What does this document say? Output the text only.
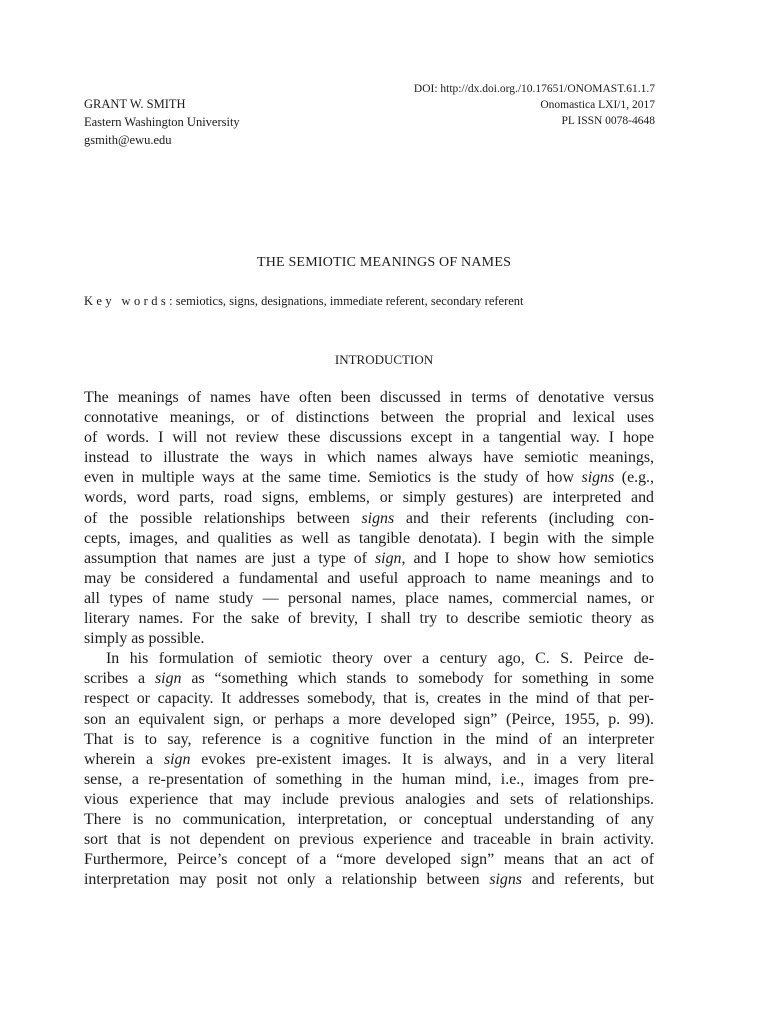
GRANT W. SMITH
Eastern Washington University
gsmith@ewu.edu
DOI: http://dx.doi.org./10.17651/ONOMAST.61.1.7
Onomastica LXI/1, 2017
PL ISSN 0078-4648
THE SEMIOTIC MEANINGS OF NAMES
Key words: semiotics, signs, designations, immediate referent, secondary referent
INTRODUCTION
The meanings of names have often been discussed in terms of denotative versus
connotative meanings, or of distinctions between the proprial and lexical uses
of words. I will not review these discussions except in a tangential way. I hope
instead to illustrate the ways in which names always have semiotic meanings,
even in multiple ways at the same time. Semiotics is the study of how signs (e.g.,
words, word parts, road signs, emblems, or simply gestures) are interpreted and
of the possible relationships between signs and their referents (including con-
cepts, images, and qualities as well as tangible denotata). I begin with the simple
assumption that names are just a type of sign, and I hope to show how semiotics
may be considered a fundamental and useful approach to name meanings and to
all types of name study — personal names, place names, commercial names, or
literary names. For the sake of brevity, I shall try to describe semiotic theory as
simply as possible.
In his formulation of semiotic theory over a century ago, C. S. Peirce de-
scribes a sign as “something which stands to somebody for something in some
respect or capacity. It addresses somebody, that is, creates in the mind of that per-
son an equivalent sign, or perhaps a more developed sign” (Peirce, 1955, p. 99).
That is to say, reference is a cognitive function in the mind of an interpreter
wherein a sign evokes pre-existent images. It is always, and in a very literal
sense, a re-presentation of something in the human mind, i.e., images from pre-
vious experience that may include previous analogies and sets of relationships.
There is no communication, interpretation, or conceptual understanding of any
sort that is not dependent on previous experience and traceable in brain activity.
Furthermore, Peirce’s concept of a “more developed sign” means that an act of
interpretation may posit not only a relationship between signs and referents, but
